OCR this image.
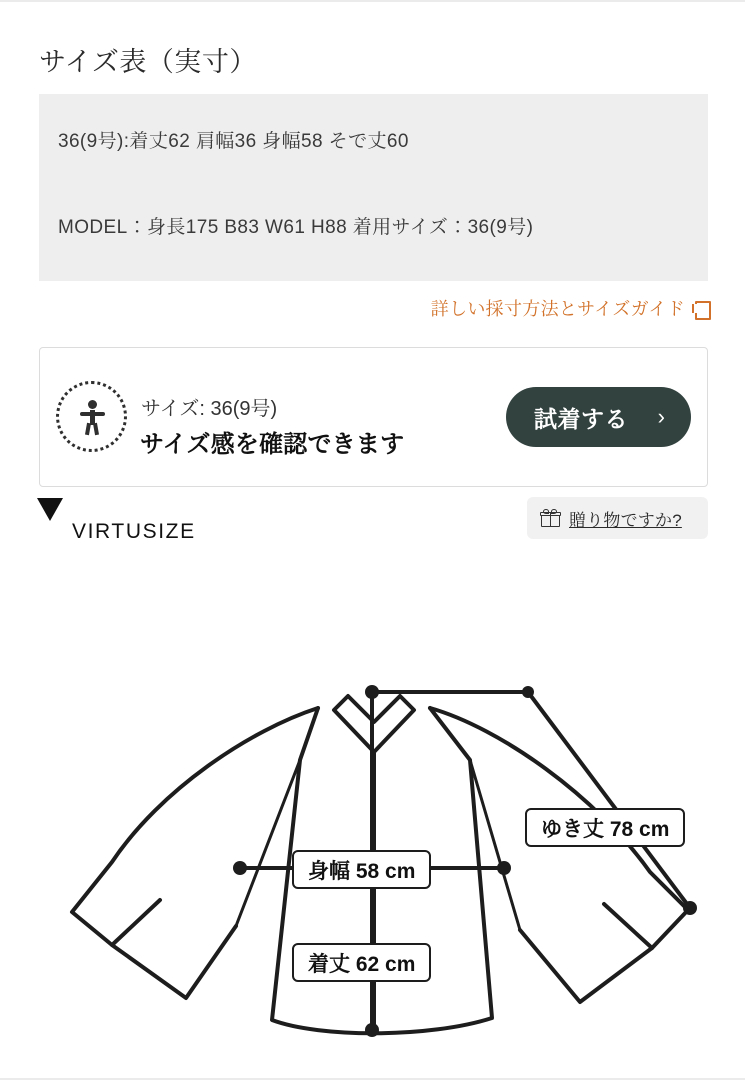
サイズ表（実寸）
36(9号):着丈62 肩幅36 身幅58 そで丈60
MODEL：身長175 B83 W61 H88 着用サイズ：36(9号)
詳しい採寸方法とサイズガイド
サイズ: 36(9号)
サイズ感を確認できます
試着する ›
VIRTUSIZE	贈り物ですか?
ゆき丈 78 cm
身幅 58 cm
着丈 62 cm
